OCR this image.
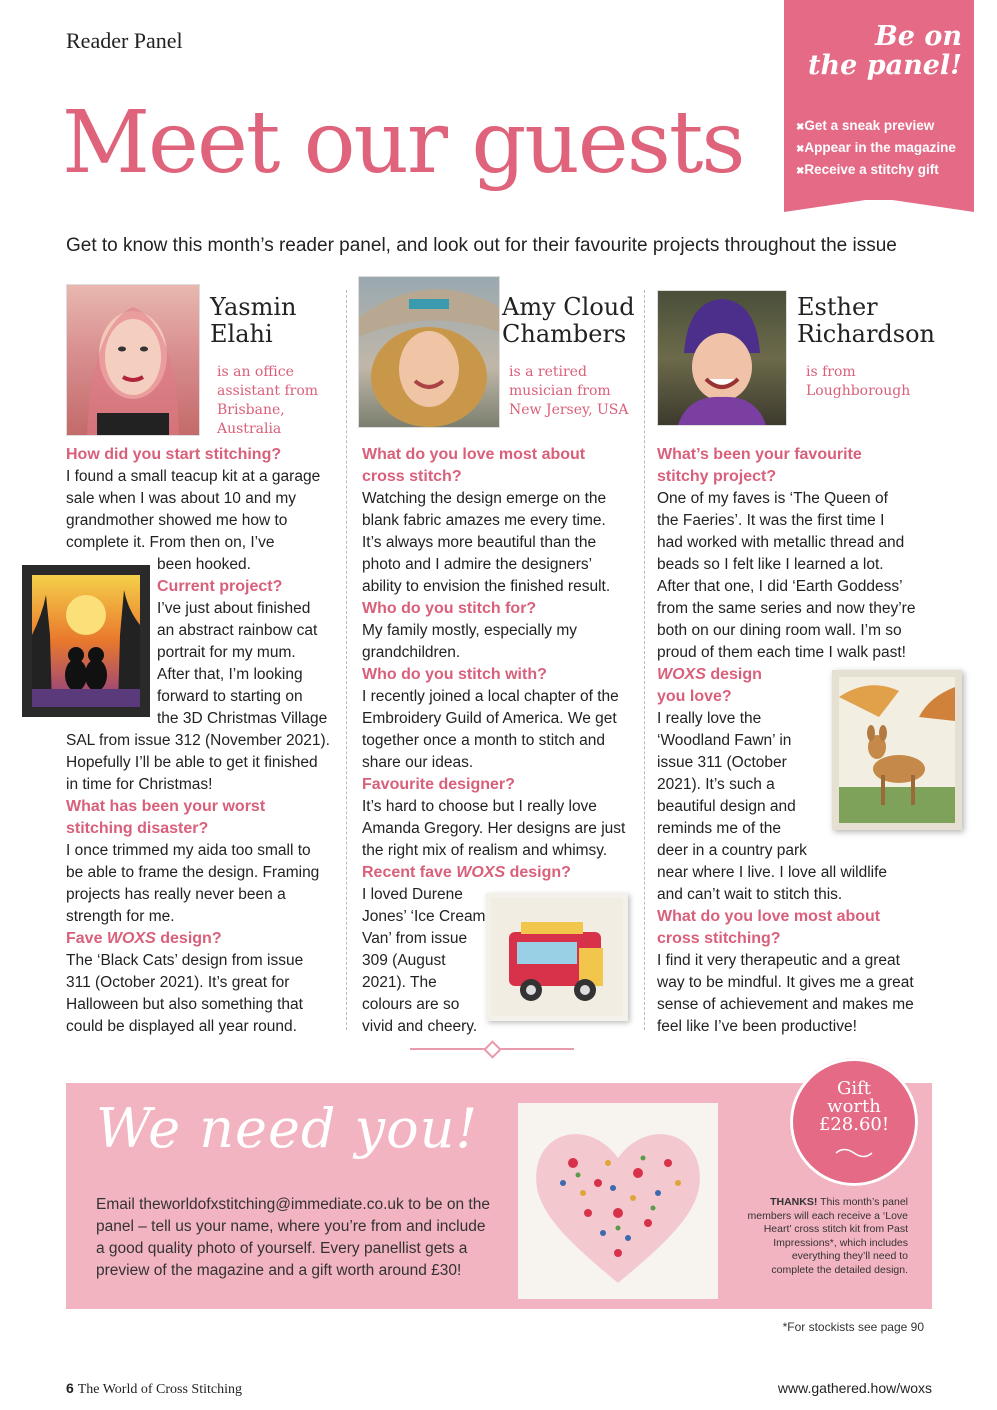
Reader Panel
Meet our guests
Get to know this month’s reader panel, and look out for their favourite projects throughout the issue
Be on
the panel!
✖ Get a sneak preview
✖ Appear in the magazine
✖ Receive a stitchy gift
Yasmin
Elahi
is an office
assistant from
Brisbane,
Australia
How did you start stitching?
I found a small teacup kit at a garage
sale when I was about 10 and my
grandmother showed me how to
complete it. From then on, I’ve
been hooked.
Current project?
I’ve just about finished
an abstract rainbow cat
portrait for my mum.
After that, I’m looking
forward to starting on
the 3D Christmas Village
SAL from issue 312 (November 2021).
Hopefully I’ll be able to get it finished
in time for Christmas!
What has been your worst
stitching disaster?
I once trimmed my aida too small to
be able to frame the design. Framing
projects has really never been a
strength for me.
Fave WOXS design?
The ‘Black Cats’ design from issue
311 (October 2021). It’s great for
Halloween but also something that
could be displayed all year round.
Amy Cloud
Chambers
is a retired
musician from
New Jersey, USA
What do you love most about
cross stitch?
Watching the design emerge on the
blank fabric amazes me every time.
It’s always more beautiful than the
photo and I admire the designers’
ability to envision the finished result.
Who do you stitch for?
My family mostly, especially my
grandchildren.
Who do you stitch with?
I recently joined a local chapter of the
Embroidery Guild of America. We get
together once a month to stitch and
share our ideas.
Favourite designer?
It’s hard to choose but I really love
Amanda Gregory. Her designs are just
the right mix of realism and whimsy.
Recent fave WOXS design?
I loved Durene
Jones’ ‘Ice Cream
Van’ from issue
309 (August
2021). The
colours are so
vivid and cheery.
Esther
Richardson
is from
Loughborough
What’s been your favourite
stitchy project?
One of my faves is ‘The Queen of
the Faeries’. It was the first time I
had worked with metallic thread and
beads so I felt like I learned a lot.
After that one, I did ‘Earth Goddess’
from the same series and now they’re
both on our dining room wall. I’m so
proud of them each time I walk past!
WOXS design
you love?
I really love the
‘Woodland Fawn’ in
issue 311 (October
2021). It’s such a
beautiful design and
reminds me of the
deer in a country park
near where I live. I love all wildlife
and can’t wait to stitch this.
What do you love most about
cross stitching?
I find it very therapeutic and a great
way to be mindful. It gives me a great
sense of achievement and makes me
feel like I’ve been productive!
We need you!
Email theworldofxstitching@immediate.co.uk to be on the
panel – tell us your name, where you’re from and include
a good quality photo of yourself. Every panellist gets a
preview of the magazine and a gift worth around £30!
Gift
worth
£28.60!
THANKS! This month’s panel
members will each receive a ‘Love
Heart’ cross stitch kit from Past
Impressions*, which includes
everything they’ll need to
complete the detailed design.
*For stockists see page 90
6 The World of Cross Stitching	www.gathered.how/woxs
